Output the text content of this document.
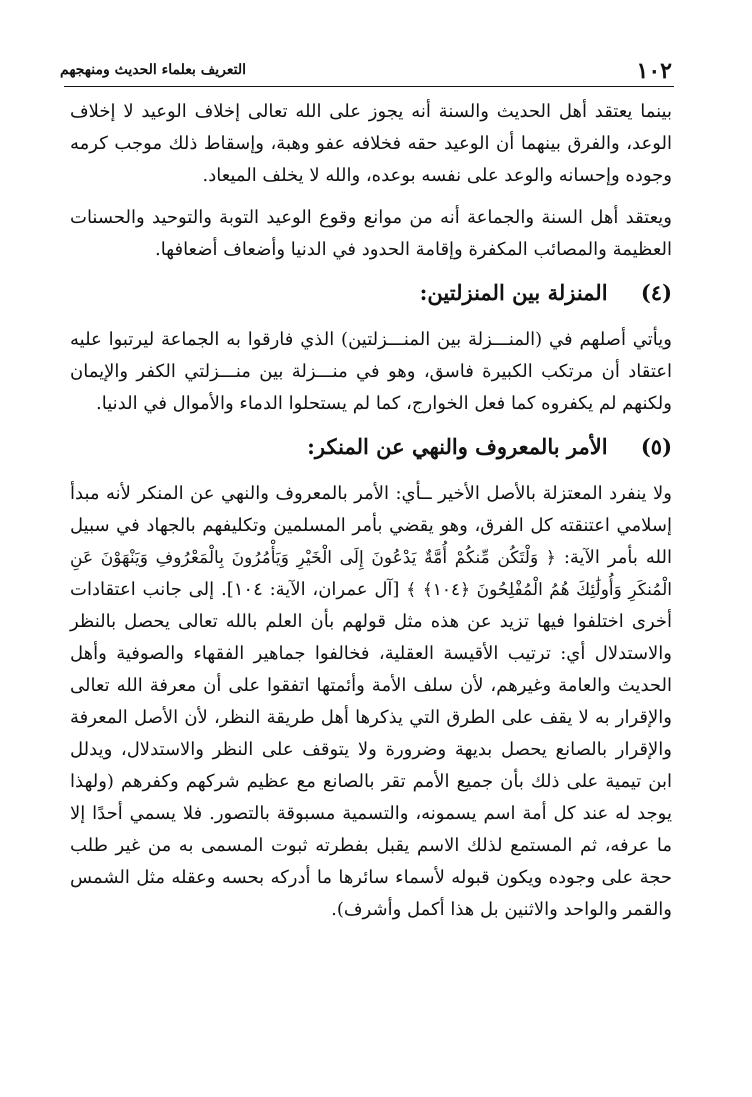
١٠٢
التعريف بعلماء الحديث ومنهجهم

بينما يعتقد أهل الحديث والسنة أنه يجوز على الله تعالى إخلاف الوعيد لا إخلاف الوعد، والفرق بينهما أن الوعيد حقه فخلافه عفو وهبة، وإسقاط ذلك موجب كرمه وجوده وإحسانه والوعد على نفسه بوعده، والله لا يخلف الميعاد.

ويعتقد أهل السنة والجماعة أنه من موانع وقوع الوعيد التوبة والتوحيد والحسنات العظيمة والمصائب المكفرة وإقامة الحدود في الدنيا وأضعاف أضعافها.

(٤) المنزلة بين المنزلتين:

ويأتي أصلهم في (المنـــزلة بين المنـــزلتين) الذي فارقوا به الجماعة ليرتبوا عليه اعتقاد أن مرتكب الكبيرة فاسق، وهو في منـــزلة بين منـــزلتي الكفر والإيمان ولكنهم لم يكفروه كما فعل الخوارج، كما لم يستحلوا الدماء والأموال في الدنيا.

(٥) الأمر بالمعروف والنهي عن المنكر:

ولا ينفرد المعتزلة بالأصل الأخير ــأي: الأمر بالمعروف والنهي عن المنكر لأنه مبدأ إسلامي اعتنقته كل الفرق، وهو يقضي بأمر المسلمين وتكليفهم بالجهاد في سبيل الله بأمر الآية: ﴿ وَلْتَكُن مِّنكُمْ أُمَّةٌ يَدْعُونَ إِلَى الْخَيْرِ وَيَأْمُرُونَ بِالْمَعْرُوفِ وَيَنْهَوْنَ عَنِ الْمُنكَرِ وَأُولَٰئِكَ هُمُ الْمُفْلِحُونَ ﴿١٠٤﴾ ﴾ [آل عمران، الآية: ١٠٤]. إلى جانب اعتقادات أخرى اختلفوا فيها تزيد عن هذه مثل قولهم بأن العلم بالله تعالى يحصل بالنظر والاستدلال أي: ترتيب الأقيسة العقلية، فخالفوا جماهير الفقهاء والصوفية وأهل الحديث والعامة وغيرهم، لأن سلف الأمة وأئمتها اتفقوا على أن معرفة الله تعالى والإقرار به لا يقف على الطرق التي يذكرها أهل طريقة النظر، لأن الأصل المعرفة والإقرار بالصانع يحصل بديهة وضرورة ولا يتوقف على النظر والاستدلال، ويدلل ابن تيمية على ذلك بأن جميع الأمم تقر بالصانع مع عظيم شركهم وكفرهم (ولهذا يوجد له عند كل أمة اسم يسمونه، والتسمية مسبوقة بالتصور. فلا يسمي أحدًا إلا ما عرفه، ثم المستمع لذلك الاسم يقبل بفطرته ثبوت المسمى به من غير طلب حجة على وجوده ويكون قبوله لأسماء سائرها ما أدركه بحسه وعقله مثل الشمس والقمر والواحد والاثنين بل هذا أكمل وأشرف).
